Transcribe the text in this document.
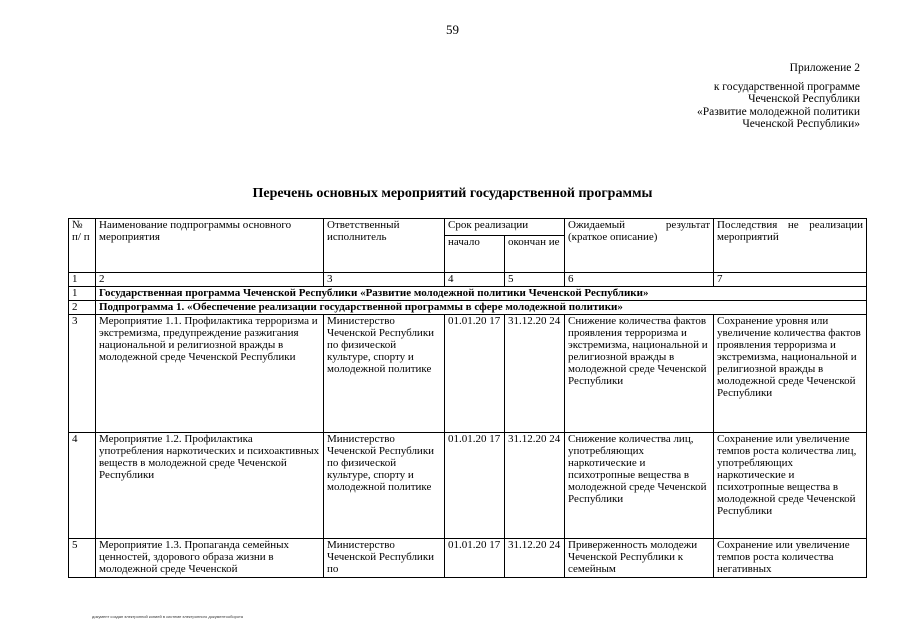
59
Приложение 2
к государственной программе
Чеченской Республики
«Развитие молодежной политики
Чеченской Республики»
Перечень основных мероприятий государственной программы
№ п/ п	Наименование подпрограммы основного мероприятия	Ответственный исполнитель	Срок реализации		Ожидаемый результат (краткое описание)	Последствия не реализации мероприятий
			начало	окончан ие		
1	2	3	4	5	6	7
1	Государственная программа Чеченской Республики «Развитие молодежной политики Чеченской Республики»					
2	Подпрограмма 1. «Обеспечение реализации государственной программы в сфере молодежной политики»					
3	Мероприятие 1.1. Профилактика терроризма и экстремизма, предупреждение разжигания национальной и религиозной вражды в молодежной среде Чеченской Республики	Министерство Чеченской Республики по физической культуре, спорту и молодежной политике	01.01.20 17	31.12.20 24	Снижение количества фактов проявления терроризма и экстремизма, национальной и религиозной вражды в молодежной среде Чеченской Республики	Сохранение уровня или увеличение количества фактов проявления терроризма и экстремизма, национальной и религиозной вражды в молодежной среде Чеченской Республики
4	Мероприятие 1.2. Профилактика употребления наркотических и психоактивных веществ в молодежной среде Чеченской Республики	Министерство Чеченской Республики по физической культуре, спорту и молодежной политике	01.01.20 17	31.12.20 24	Снижение количества лиц, употребляющих наркотические и психотропные вещества в молодежной среде Чеченской Республики	Сохранение или увеличение темпов роста количества лиц, употребляющих наркотические и психотропные вещества в молодежной среде Чеченской Республики
5	Мероприятие 1.3. Пропаганда семейных ценностей, здорового образа жизни в молодежной среде Чеченской	Министерство Чеченской Республики по	01.01.20 17	31.12.20 24	Приверженность молодежи Чеченской Республики к семейным	Сохранение или увеличение темпов роста количества негативных
документ создан электронной копией в системе электронного документооборота
